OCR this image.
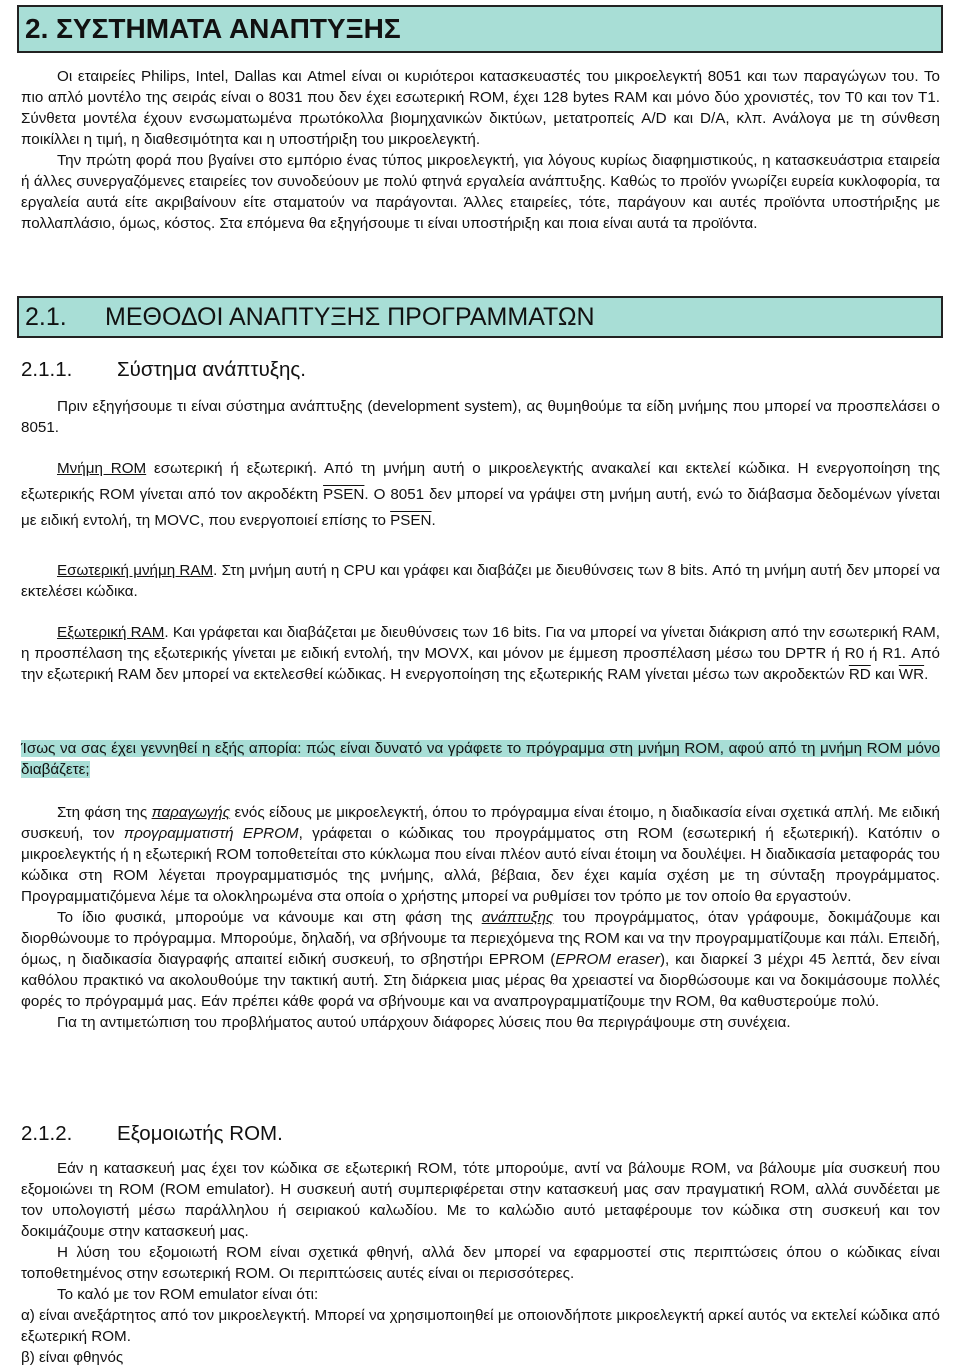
2. ΣΥΣΤΗΜΑΤΑ ΑΝΑΠΤΥΞΗΣ

Οι εταιρείες Philips, Intel, Dallas και Atmel είναι οι κυριότεροι κατασκευαστές του μικροελεγκτή 8051 και των παραγώγων του. Το πιο απλό μοντέλο της σειράς είναι ο 8031 που δεν έχει εσωτερική ROM, έχει 128 bytes RAM και μόνο δύο χρονιστές, τον T0 και τον T1. Σύνθετα μοντέλα έχουν ενσωματωμένα πρωτόκολλα βιομηχανικών δικτύων, μετατροπείς A/D και D/A, κλπ. Ανάλογα με τη σύνθεση ποικίλλει η τιμή, η διαθεσιμότητα και η υποστήριξη του μικροελεγκτή.

Την πρώτη φορά που βγαίνει στο εμπόριο ένας τύπος μικροελεγκτή, για λόγους κυρίως διαφημιστικούς, η κατασκευάστρια εταιρεία ή άλλες συνεργαζόμενες εταιρείες τον συνοδεύουν με πολύ φτηνά εργαλεία ανάπτυξης. Καθώς το προϊόν γνωρίζει ευρεία κυκλοφορία, τα εργαλεία αυτά είτε ακριβαίνουν είτε σταματούν να παράγονται. Άλλες εταιρείες, τότε, παράγουν και αυτές προϊόντα υποστήριξης με πολλαπλάσιο, όμως, κόστος. Στα επόμενα θα εξηγήσουμε τι είναι υποστήριξη και ποια είναι αυτά τα προϊόντα.

2.1. ΜΕΘΟΔΟΙ ΑΝΑΠΤΥΞΗΣ ΠΡΟΓΡΑΜΜΑΤΩΝ
2.1.1. Σύστημα ανάπτυξης.

Πριν εξηγήσουμε τι είναι σύστημα ανάπτυξης (development system), ας θυμηθούμε τα είδη μνήμης που μπορεί να προσπελάσει ο 8051.

Μνήμη ROM εσωτερική ή εξωτερική. Από τη μνήμη αυτή ο μικροελεγκτής ανακαλεί και εκτελεί κώδικα. Η ενεργοποίηση της εξωτερικής ROM γίνεται από τον ακροδέκτη PSEN. Ο 8051 δεν μπορεί να γράψει στη μνήμη αυτή, ενώ το διάβασμα δεδομένων γίνεται με ειδική εντολή, τη MOVC, που ενεργοποιεί επίσης το PSEN.

Εσωτερική μνήμη RAM. Στη μνήμη αυτή η CPU και γράφει και διαβάζει με διευθύνσεις των 8 bits. Από τη μνήμη αυτή δεν μπορεί να εκτελέσει κώδικα.

Εξωτερική RAM. Και γράφεται και διαβάζεται με διευθύνσεις των 16 bits. Για να μπορεί να γίνεται διάκριση από την εσωτερική RAM, η προσπέλαση της εξωτερικής γίνεται με ειδική εντολή, την MOVX, και μόνον με έμμεση προσπέλαση μέσω του DPTR ή R0 ή R1. Από την εξωτερική RAM δεν μπορεί να εκτελεσθεί κώδικας. Η ενεργοποίηση της εξωτερικής RAM γίνεται μέσω των ακροδεκτών $\overline{RD}$ και $\overline{WR}$.

Ίσως να σας έχει γεννηθεί η εξής απορία: πώς είναι δυνατό να γράφετε το πρόγραμμα στη μνήμη ROM, αφού από τη μνήμη ROM μόνο διαβάζετε;

Στη φάση της παραγωγής ενός είδους με μικροελεγκτή, όπου το πρόγραμμα είναι έτοιμο, η διαδικασία είναι σχετικά απλή. Με ειδική συσκευή, τον προγραμματιστή EPROM, γράφεται ο κώδικας του προγράμματος στη ROM (εσωτερική ή εξωτερική). Κατόπιν ο μικροελεγκτής ή η εξωτερική ROM τοποθετείται στο κύκλωμα που είναι πλέον αυτό είναι έτοιμη να δουλέψει. Η διαδικασία μεταφοράς του κώδικα στη ROM λέγεται προγραμματισμός της μνήμης, αλλά, βέβαια, δεν έχει καμία σχέση με τη σύνταξη προγράμματος. Προγραμματιζόμενα λέμε τα ολοκληρωμένα στα οποία ο χρήστης μπορεί να ρυθμίσει τον τρόπο με τον οποίο θα εργαστούν.

Το ίδιο φυσικά, μπορούμε να κάνουμε και στη φάση της ανάπτυξης του προγράμματος, όταν γράφουμε, δοκιμάζουμε και διορθώνουμε το πρόγραμμα. Μπορούμε, δηλαδή, να σβήνουμε τα περιεχόμενα της ROM και να την προγραμματίζουμε και πάλι. Επειδή, όμως, η διαδικασία διαγραφής απαιτεί ειδική συσκευή, το σβηστήρι EPROM (EPROM eraser), και διαρκεί 3 μέχρι 45 λεπτά, δεν είναι καθόλου πρακτικό να ακολουθούμε την τακτική αυτή. Στη διάρκεια μιας μέρας θα χρειαστεί να διορθώσουμε και να δοκιμάσουμε πολλές φορές το πρόγραμμά μας. Εάν πρέπει κάθε φορά να σβήνουμε και να αναπρογραμματίζουμε την ROM, θα καθυστερούμε πολύ.

Για τη αντιμετώπιση του προβλήματος αυτού υπάρχουν διάφορες λύσεις που θα περιγράψουμε στη συνέχεια.

2.1.2. Εξομοιωτής ROM.

Εάν η κατασκευή μας έχει τον κώδικα σε εξωτερική ROM, τότε μπορούμε, αντί να βάλουμε ROM, να βάλουμε μία συσκευή που εξομοιώνει τη ROM (ROM emulator). Η συσκευή αυτή συμπεριφέρεται στην κατασκευή μας σαν πραγματική ROM, αλλά συνδέεται με τον υπολογιστή μέσω παράλληλου ή σειριακού καλωδίου. Με το καλώδιο αυτό μεταφέρουμε τον κώδικα στη συσκευή και τον δοκιμάζουμε στην κατασκευή μας.

Η λύση του εξομοιωτή ROM είναι σχετικά φθηνή, αλλά δεν μπορεί να εφαρμοστεί στις περιπτώσεις όπου ο κώδικας είναι τοποθετημένος στην εσωτερική ROM. Οι περιπτώσεις αυτές είναι οι περισσότερες.

Το καλό με τον ROM emulator είναι ότι:

α) είναι ανεξάρτητος από τον μικροελεγκτή. Μπορεί να χρησιμοποιηθεί με οποιονδήποτε μικροελεγκτή αρκεί αυτός να εκτελεί κώδικα από εξωτερική ROM.

β) είναι φθηνός
